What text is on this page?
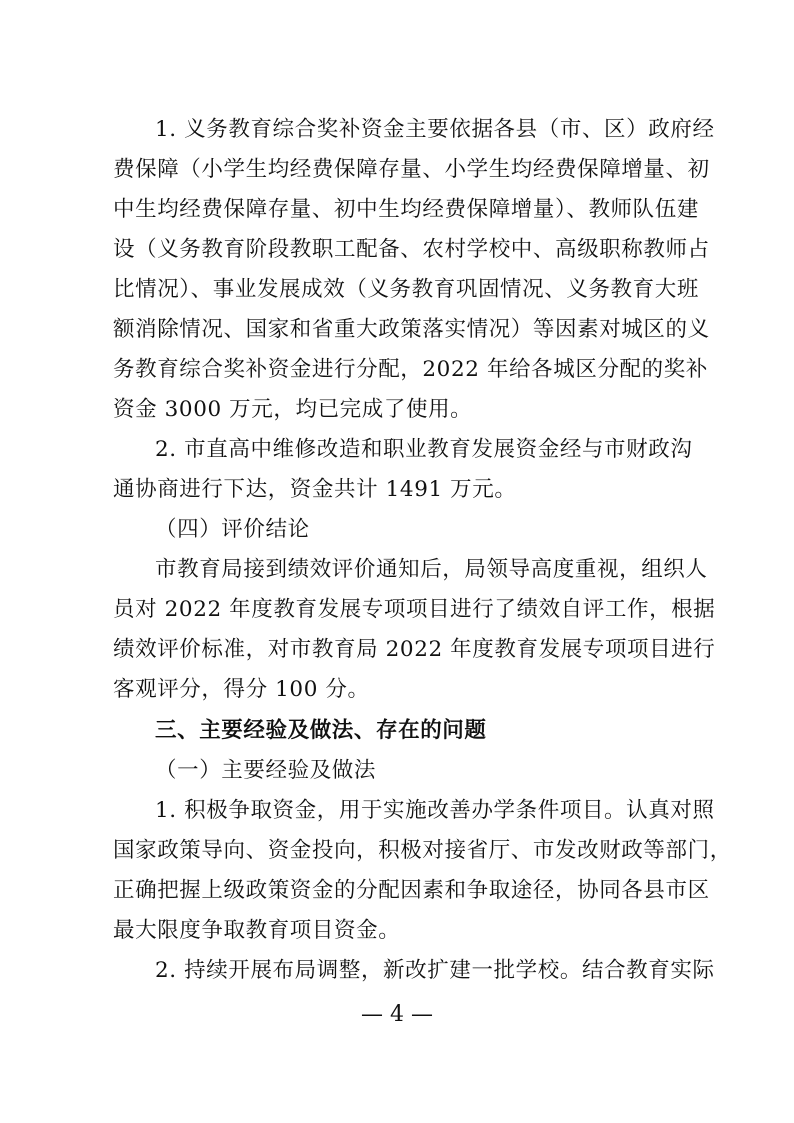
1. 义务教育综合奖补资金主要依据各县（市、区）政府经
费保障（小学生均经费保障存量、小学生均经费保障增量、初
中生均经费保障存量、初中生均经费保障增量）、教师队伍建
设（义务教育阶段教职工配备、农村学校中、高级职称教师占
比情况）、事业发展成效（义务教育巩固情况、义务教育大班
额消除情况、国家和省重大政策落实情况）等因素对城区的义
务教育综合奖补资金进行分配，2022 年给各城区分配的奖补
资金 3000 万元，均已完成了使用。
2. 市直高中维修改造和职业教育发展资金经与市财政沟
通协商进行下达，资金共计 1491 万元。
（四）评价结论
市教育局接到绩效评价通知后，局领导高度重视，组织人
员对 2022 年度教育发展专项项目进行了绩效自评工作，根据
绩效评价标准，对市教育局 2022 年度教育发展专项项目进行
客观评分，得分 100 分。
三、主要经验及做法、存在的问题
（一）主要经验及做法
1. 积极争取资金，用于实施改善办学条件项目。认真对照
国家政策导向、资金投向，积极对接省厅、市发改财政等部门，
正确把握上级政策资金的分配因素和争取途径，协同各县市区
最大限度争取教育项目资金。
2. 持续开展布局调整，新改扩建一批学校。结合教育实际
— 4 —
